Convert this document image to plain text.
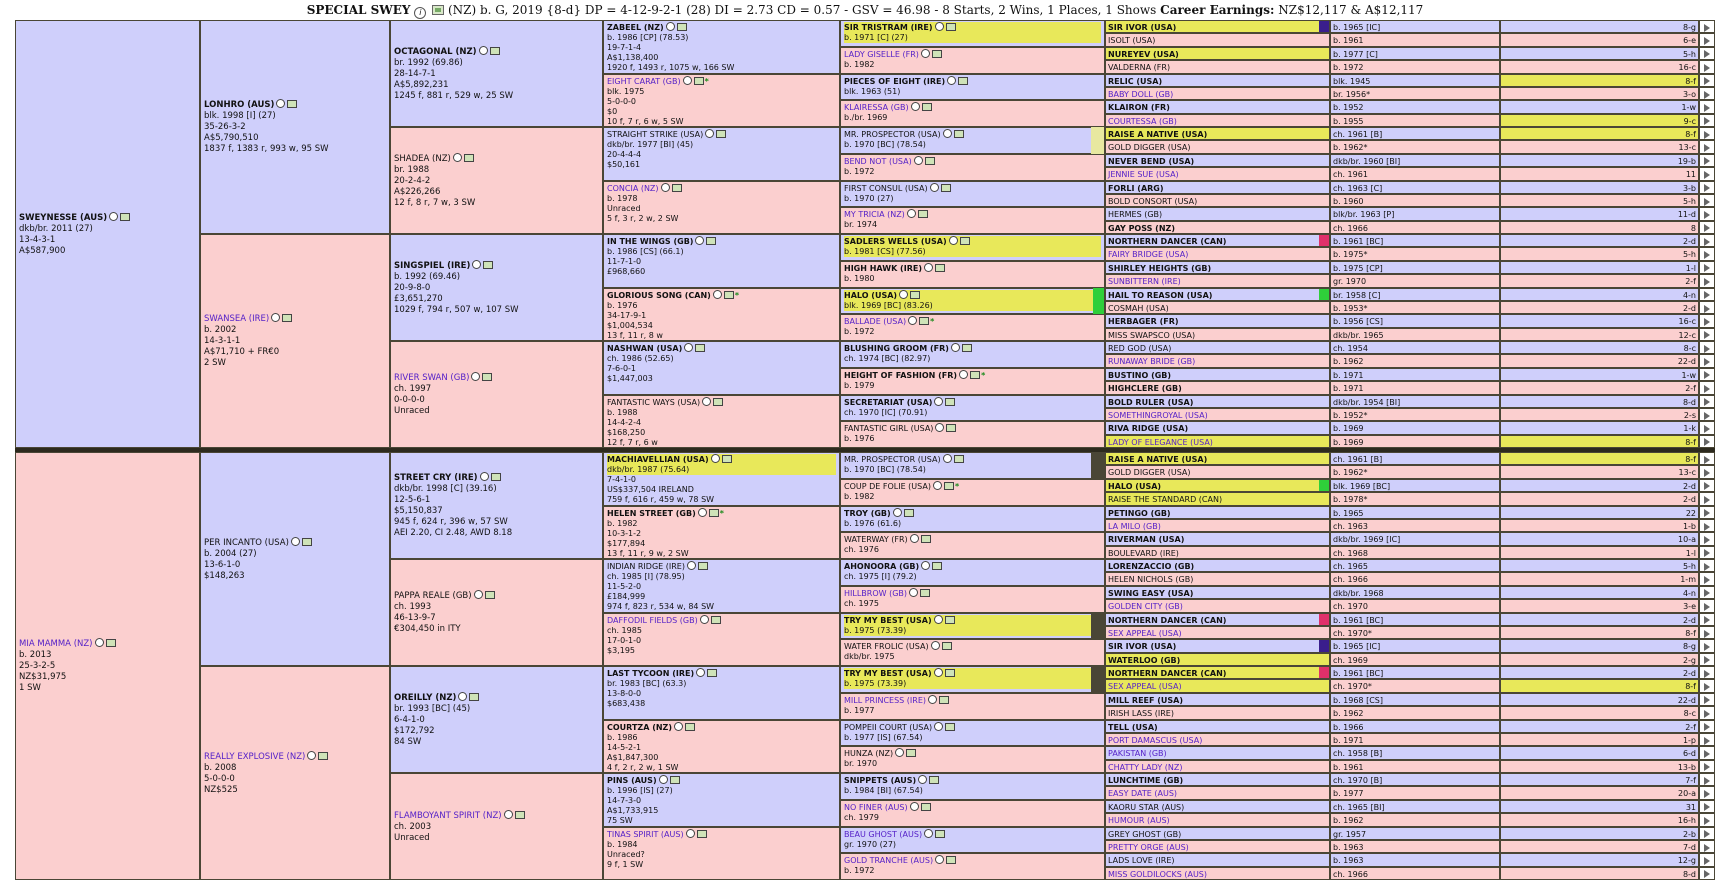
SPECIAL SWEY i (NZ) b. G, 2019 {8-d} DP = 4-12-9-2-1 (28) DI = 2.73 CD = 0.57 - GSV = 46.98 - 8 Starts, 2 Wins, 1 Places, 1 Shows Career Earnings: NZ$12,117 & A$12,117
SWEYNESSE (AUS)
dkb/br. 2011 (27)
13-4-3-1
A$587,900
MIA MAMMA (NZ)
b. 2013
25-3-2-5
NZ$31,975
1 SW
LONHRO (AUS)
blk. 1998 [I] (27)
35-26-3-2
A$5,790,510
1837 f, 1383 r, 993 w, 95 SW
SWANSEA (IRE)
b. 2002
14-3-1-1
A$71,710 + FR€0
2 SW
PER INCANTO (USA)
b. 2004 (27)
13-6-1-0
$148,263
REALLY EXPLOSIVE (NZ)
b. 2008
5-0-0-0
NZ$525
OCTAGONAL (NZ)
br. 1992 (69.86)
28-14-7-1
A$5,892,231
1245 f, 881 r, 529 w, 25 SW
SHADEA (NZ)
br. 1988
20-2-4-2
A$226,266
12 f, 8 r, 7 w, 3 SW
SINGSPIEL (IRE)
b. 1992 (69.46)
20-9-8-0
£3,651,270
1029 f, 794 r, 507 w, 107 SW
RIVER SWAN (GB)
ch. 1997
0-0-0-0
Unraced
STREET CRY (IRE)
dkb/br. 1998 [C] (39.16)
12-5-6-1
$5,150,837
945 f, 624 r, 396 w, 57 SW
AEI 2.20, CI 2.48, AWD 8.18
PAPPA REALE (GB)
ch. 1993
46-13-9-7
€304,450 in ITY
OREILLY (NZ)
br. 1993 [BC] (45)
6-4-1-0
$172,792
84 SW
FLAMBOYANT SPIRIT (NZ)
ch. 2003
Unraced
ZABEEL (NZ)
b. 1986 [CP] (78.53)
19-7-1-4
A$1,138,400
1920 f, 1493 r, 1075 w, 166 SW
EIGHT CARAT (GB)	*
blk. 1975
5-0-0-0
$0
10 f, 7 r, 6 w, 5 SW
STRAIGHT STRIKE (USA)
dkb/br. 1977 [BI] (45)
20-4-4-4
$50,161
CONCIA (NZ)
b. 1978
Unraced
5 f, 3 r, 2 w, 2 SW
IN THE WINGS (GB)
b. 1986 [CS] (66.1)
11-7-1-0
£968,660
GLORIOUS SONG (CAN)	*
b. 1976
34-17-9-1
$1,004,534
13 f, 11 r, 8 w
NASHWAN (USA)
ch. 1986 (52.65)
7-6-0-1
$1,447,003
FANTASTIC WAYS (USA)
b. 1988
14-4-2-4
$168,250
12 f, 7 r, 6 w
MACHIAVELLIAN (USA)
dkb/br. 1987 (75.64)
7-4-1-0
US$337,504 IRELAND
759 f, 616 r, 459 w, 78 SW
HELEN STREET (GB)	*
b. 1982
10-3-1-2
$177,894
13 f, 11 r, 9 w, 2 SW
INDIAN RIDGE (IRE)
ch. 1985 [I] (78.95)
11-5-2-0
£184,999
974 f, 823 r, 534 w, 84 SW
DAFFODIL FIELDS (GB)
ch. 1985
17-0-1-0
$3,195
LAST TYCOON (IRE)
br. 1983 [BC] (63.3)
13-8-0-0
$683,438
COURTZA (NZ)
b. 1986
14-5-2-1
A$1,847,300
4 f, 2 r, 2 w, 1 SW
PINS (AUS)
b. 1996 [IS] (27)
14-7-3-0
A$1,733,915
75 SW
TINAS SPIRIT (AUS)
b. 1984
Unraced?
9 f, 1 SW
SIR TRISTRAM (IRE)
b. 1971 [C] (27)
LADY GISELLE (FR)
b. 1982
PIECES OF EIGHT (IRE)
blk. 1963 (51)
KLAIRESSA (GB)
b./br. 1969
MR. PROSPECTOR (USA)
b. 1970 [BC] (78.54)
BEND NOT (USA)
b. 1972
FIRST CONSUL (USA)
b. 1970 (27)
MY TRICIA (NZ)
br. 1974
SADLERS WELLS (USA)
b. 1981 [CS] (77.56)
HIGH HAWK (IRE)
b. 1980
HALO (USA)
blk. 1969 [BC] (83.26)
BALLADE (USA)	*
b. 1972
BLUSHING GROOM (FR)
ch. 1974 [BC] (82.97)
HEIGHT OF FASHION (FR)	*
b. 1979
SECRETARIAT (USA)
ch. 1970 [IC] (70.91)
FANTASTIC GIRL (USA)
b. 1976
MR. PROSPECTOR (USA)
b. 1970 [BC] (78.54)
COUP DE FOLIE (USA)	*
b. 1982
TROY (GB)
b. 1976 (61.6)
WATERWAY (FR)
ch. 1976
AHONOORA (GB)
ch. 1975 [I] (79.2)
HILLBROW (GB)
ch. 1975
TRY MY BEST (USA)
b. 1975 (73.39)
WATER FROLIC (USA)
dkb/br. 1975
TRY MY BEST (USA)
b. 1975 (73.39)
MILL PRINCESS (IRE)
b. 1977
POMPEII COURT (USA)
b. 1977 [IS] (67.54)
HUNZA (NZ)
br. 1970
SNIPPETS (AUS)
b. 1984 [BI] (67.54)
NO FINER (AUS)
ch. 1979
BEAU GHOST (AUS)
gr. 1970 (27)
GOLD TRANCHE (AUS)
b. 1972
SIR IVOR (USA)	b. 1965 [IC]	8-g
ISOLT (USA)	b. 1961	6-e
NUREYEV (USA)	b. 1977 [C]	5-h
VALDERNA (FR)	b. 1972	16-c
RELIC (USA)	blk. 1945	8-f
BABY DOLL (GB)	br. 1956*	3-o
KLAIRON (FR)	b. 1952	1-w
COURTESSA (GB)	b. 1955	9-c
RAISE A NATIVE (USA)	ch. 1961 [B]	8-f
GOLD DIGGER (USA)	b. 1962*	13-c
NEVER BEND (USA)	dkb/br. 1960 [BI]	19-b
JENNIE SUE (USA)	ch. 1961	11
FORLI (ARG)	ch. 1963 [C]	3-b
BOLD CONSORT (USA)	b. 1960	5-h
HERMES (GB)	blk/br. 1963 [P]	11-d
GAY POSS (NZ)	ch. 1966	8
NORTHERN DANCER (CAN)	b. 1961 [BC]	2-d
FAIRY BRIDGE (USA)	b. 1975*	5-h
SHIRLEY HEIGHTS (GB)	b. 1975 [CP]	1-l
SUNBITTERN (IRE)	gr. 1970	2-f
HAIL TO REASON (USA)	br. 1958 [C]	4-n
COSMAH (USA)	b. 1953*	2-d
HERBAGER (FR)	b. 1956 [CS]	16-c
MISS SWAPSCO (USA)	dkb/br. 1965	12-c
RED GOD (USA)	ch. 1954	8-c
RUNAWAY BRIDE (GB)	b. 1962	22-d
BUSTINO (GB)	b. 1971	1-w
HIGHCLERE (GB)	b. 1971	2-f
BOLD RULER (USA)	dkb/br. 1954 [BI]	8-d
SOMETHINGROYAL (USA)	b. 1952*	2-s
RIVA RIDGE (USA)	b. 1969	1-k
LADY OF ELEGANCE (USA)	b. 1969	8-f
RAISE A NATIVE (USA)	ch. 1961 [B]	8-f
GOLD DIGGER (USA)	b. 1962*	13-c
HALO (USA)	blk. 1969 [BC]	2-d
RAISE THE STANDARD (CAN)	b. 1978*	2-d
PETINGO (GB)	b. 1965	22
LA MILO (GB)	ch. 1963	1-b
RIVERMAN (USA)	dkb/br. 1969 [IC]	10-a
BOULEVARD (IRE)	ch. 1968	1-l
LORENZACCIO (GB)	ch. 1965	5-h
HELEN NICHOLS (GB)	ch. 1966	1-m
SWING EASY (USA)	dkb/br. 1968	4-n
GOLDEN CITY (GB)	ch. 1970	3-e
NORTHERN DANCER (CAN)	b. 1961 [BC]	2-d
SEX APPEAL (USA)	ch. 1970*	8-f
SIR IVOR (USA)	b. 1965 [IC]	8-g
WATERLOO (GB)	ch. 1969	2-g
NORTHERN DANCER (CAN)	b. 1961 [BC]	2-d
SEX APPEAL (USA)	ch. 1970*	8-f
MILL REEF (USA)	b. 1968 [CS]	22-d
IRISH LASS (IRE)	b. 1962	8-c
TELL (USA)	b. 1966	2-f
PORT DAMASCUS (USA)	b. 1971	1-p
PAKISTAN (GB)	ch. 1958 [B]	6-d
CHATTY LADY (NZ)	b. 1961	13-b
LUNCHTIME (GB)	ch. 1970 [B]	7-f
EASY DATE (AUS)	b. 1977	20-a
KAORU STAR (AUS)	ch. 1965 [BI]	31
HUMOUR (AUS)	b. 1962	16-h
GREY GHOST (GB)	gr. 1957	2-b
PRETTY ORGE (AUS)	b. 1963	7-d
LADS LOVE (IRE)	b. 1963	12-g
MISS GOLDILOCKS (AUS)	ch. 1966	8-d
